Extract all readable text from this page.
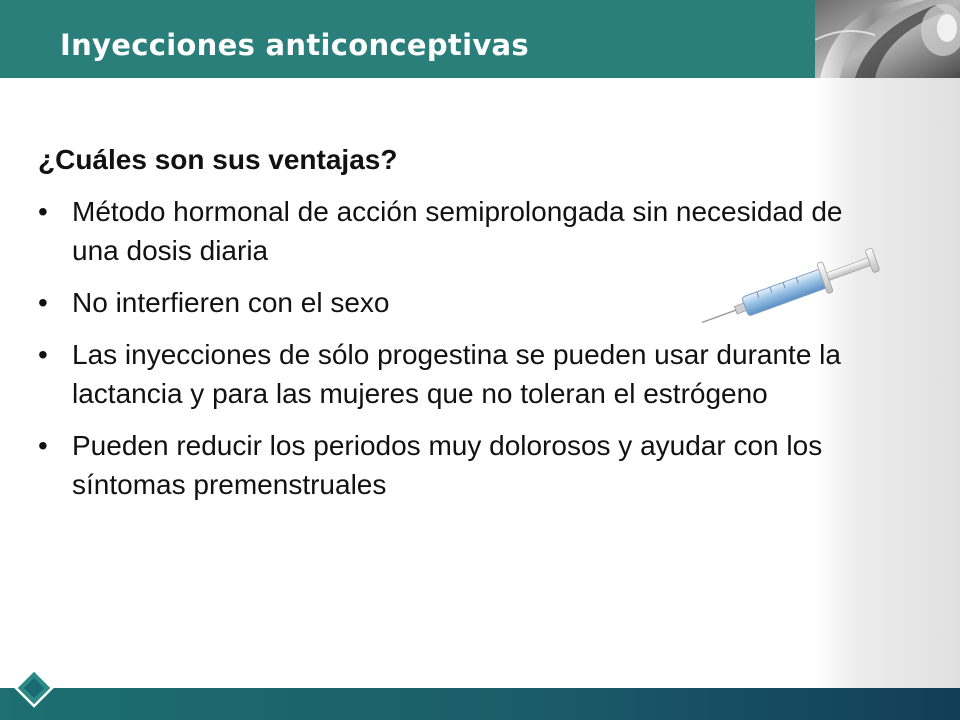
Inyecciones anticonceptivas

¿Cuáles son sus ventajas?

• Método hormonal de acción semiprolongada sin necesidad de una dosis diaria
• No interfieren con el sexo
• Las inyecciones de sólo progestina se pueden usar durante la lactancia y para las mujeres que no toleran el estrógeno
• Pueden reducir los periodos muy dolorosos y ayudar con los síntomas premenstruales
